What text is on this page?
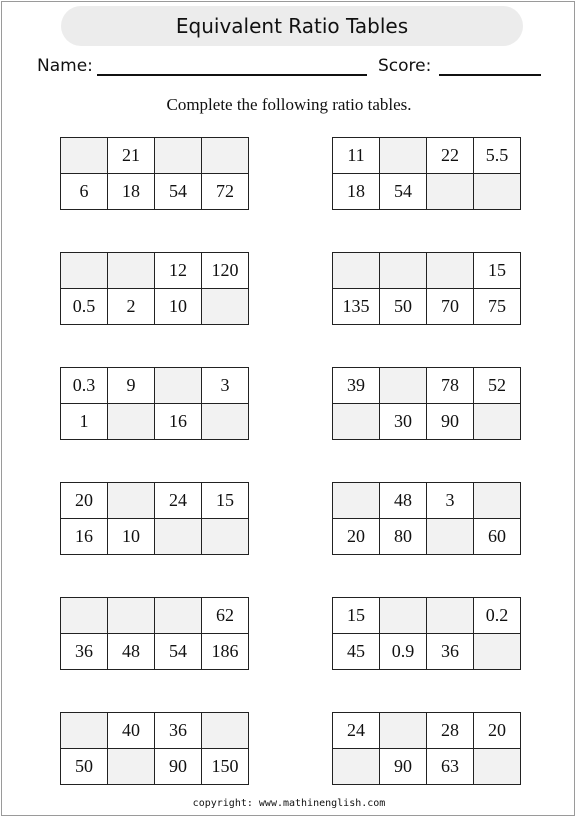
Equivalent Ratio Tables
Name:	Score:
Complete the following ratio tables.
	21		
6	18	54	72
11		22	5.5
18	54		
		12	120
0.5	2	10	
			15
135	50	70	75
0.3	9		3
1		16	
39		78	52
	30	90	
20		24	15
16	10		
	48	3	
20	80		60
			62
36	48	54	186
15			0.2
45	0.9	36	
	40	36	
50		90	150
24		28	20
	90	63	
copyright: www.mathinenglish.com
